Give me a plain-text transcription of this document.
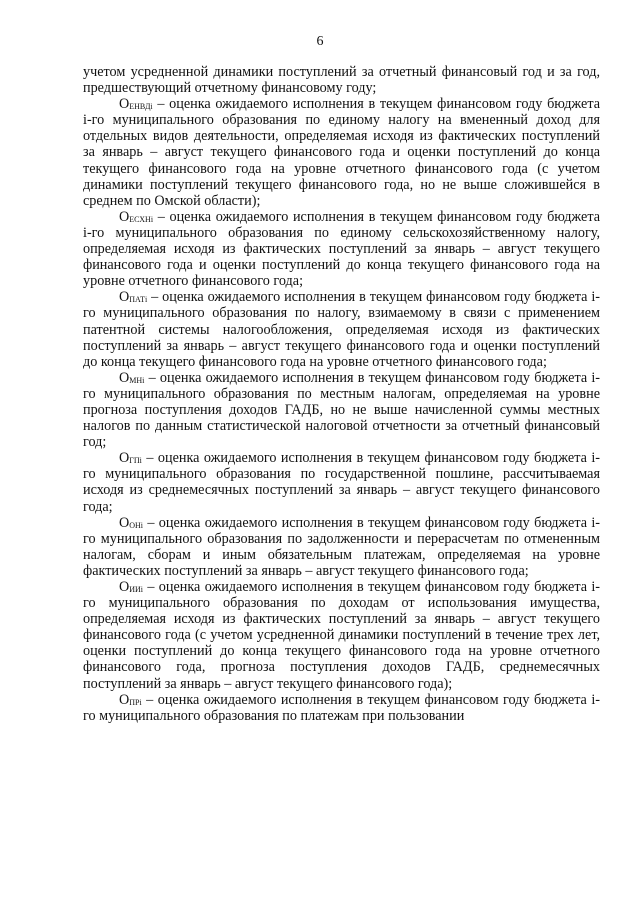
6

учетом усредненной динамики поступлений за отчетный финансовый год и за год, предшествующий отчетному финансовому году;

$О_{ЕНВДi}$ – оценка ожидаемого исполнения в текущем финансовом году бюджета i-го муниципального образования по единому налогу на вмененный доход для отдельных видов деятельности, определяемая исходя из фактических поступлений за январь – август текущего финансового года и оценки поступлений до конца текущего финансового года на уровне отчетного финансового года (с учетом динамики поступлений текущего финансового года, но не выше сложившейся в среднем по Омской области);

$О_{ЕСХНi}$ – оценка ожидаемого исполнения в текущем финансовом году бюджета i-го муниципального образования по единому сельскохозяйственному налогу, определяемая исходя из фактических поступлений за январь – август текущего финансового года и оценки поступлений до конца текущего финансового года на уровне отчетного финансового года;

$О_{ПАТi}$ – оценка ожидаемого исполнения в текущем финансовом году бюджета i-го муниципального образования по налогу, взимаемому в связи с применением патентной системы налогообложения, определяемая исходя из фактических поступлений за январь – август текущего финансового года и оценки поступлений до конца текущего финансового года на уровне отчетного финансового года;

$О_{МНi}$ – оценка ожидаемого исполнения в текущем финансовом году бюджета i-го муниципального образования по местным налогам, определяемая на уровне прогноза поступления доходов ГАДБ, но не выше начисленной суммы местных налогов по данным статистической налоговой отчетности за отчетный финансовый год;

$О_{ГПi}$ – оценка ожидаемого исполнения в текущем финансовом году бюджета i-го муниципального образования по государственной пошлине, рассчитываемая исходя из среднемесячных поступлений за январь – август текущего финансового года;

$О_{ОНi}$ – оценка ожидаемого исполнения в текущем финансовом году бюджета i-го муниципального образования по задолженности и перерасчетам по отмененным налогам, сборам и иным обязательным платежам, определяемая на уровне фактических поступлений за январь – август текущего финансового года;

$О_{ИИi}$ – оценка ожидаемого исполнения в текущем финансовом году бюджета i-го муниципального образования по доходам от использования имущества, определяемая исходя из фактических поступлений за январь – август текущего финансового года (с учетом усредненной динамики поступлений в течение трех лет, оценки поступлений до конца текущего финансового года на уровне отчетного финансового года, прогноза поступления доходов ГАДБ, среднемесячных поступлений за январь – август текущего финансового года);

$О_{ПРi}$ – оценка ожидаемого исполнения в текущем финансовом году бюджета i-го муниципального образования по платежам при пользовании
